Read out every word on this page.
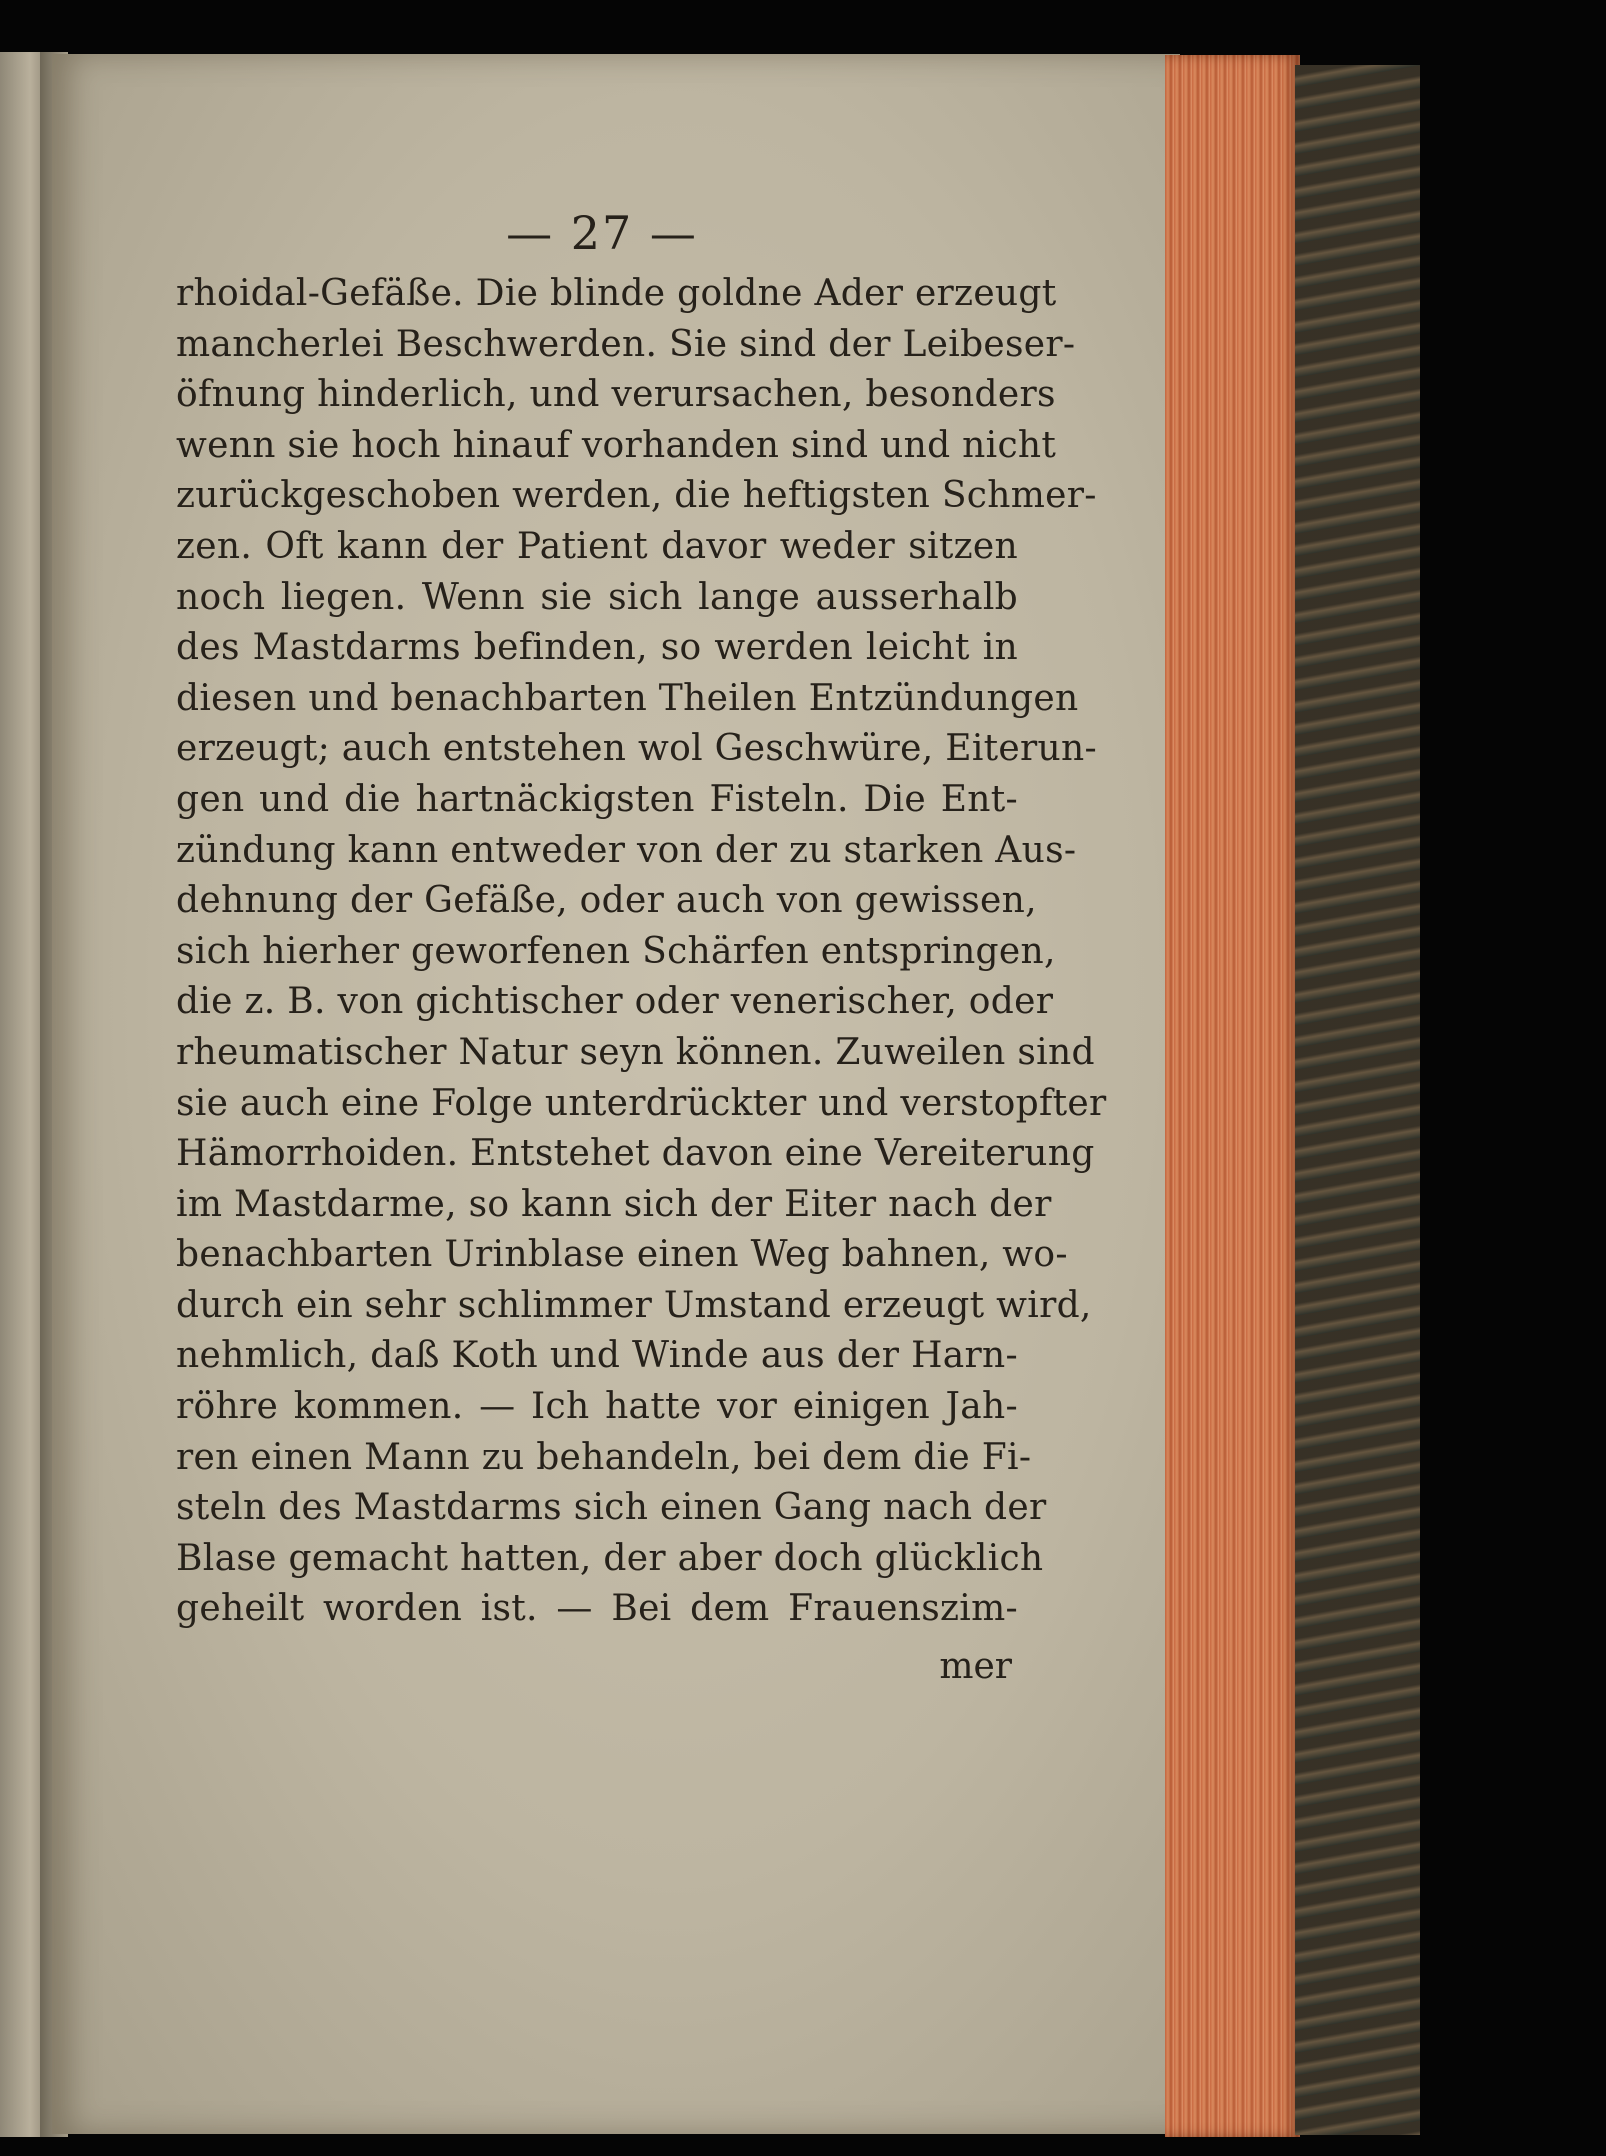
— 27 —
rhoidal-Gefäße. Die blinde goldne Ader erzeugt
mancherlei Beschwerden. Sie sind der Leibeser-
öfnung hinderlich, und verursachen, besonders
wenn sie hoch hinauf vorhanden sind und nicht
zurückgeschoben werden, die heftigsten Schmer-
zen. Oft kann der Patient davor weder sitzen
noch liegen. Wenn sie sich lange ausserhalb
des Mastdarms befinden, so werden leicht in
diesen und benachbarten Theilen Entzündungen
erzeugt; auch entstehen wol Geschwüre, Eiterun-
gen und die hartnäckigsten Fisteln. Die Ent-
zündung kann entweder von der zu starken Aus-
dehnung der Gefäße, oder auch von gewissen,
sich hierher geworfenen Schärfen entspringen,
die z. B. von gichtischer oder venerischer, oder
rheumatischer Natur seyn können. Zuweilen sind
sie auch eine Folge unterdrückter und verstopfter
Hämorrhoiden. Entstehet davon eine Vereiterung
im Mastdarme, so kann sich der Eiter nach der
benachbarten Urinblase einen Weg bahnen, wo-
durch ein sehr schlimmer Umstand erzeugt wird,
nehmlich, daß Koth und Winde aus der Harn-
röhre kommen. — Ich hatte vor einigen Jah-
ren einen Mann zu behandeln, bei dem die Fi-
steln des Mastdarms sich einen Gang nach der
Blase gemacht hatten, der aber doch glücklich
geheilt worden ist. — Bei dem Frauenszim-
mer
